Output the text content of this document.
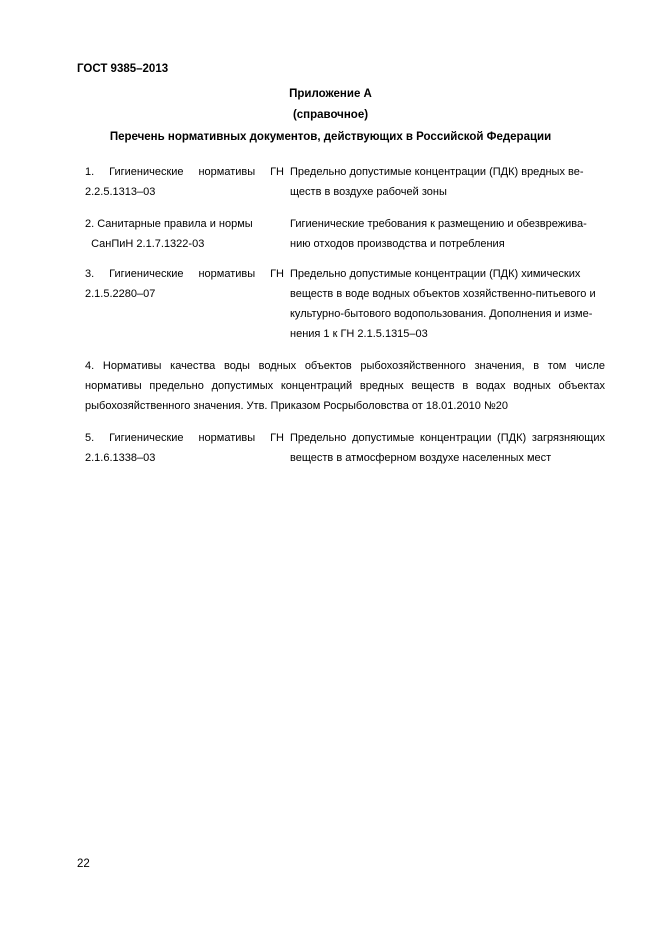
ГОСТ 9385–2013
Приложение А
(справочное)
Перечень нормативных документов, действующих в Российской Федерации
1. Гигиенические нормативы ГН
2.2.5.1313–03
Предельно допустимые концентрации (ПДК) вредных ве-
ществ в воздухе рабочей зоны
2. Санитарные правила и нормы
СанПиН 2.1.7.1322-03
Гигиенические требования к размещению и обезврежива-
нию отходов производства и потребления
3. Гигиенические нормативы ГН
2.1.5.2280–07
Предельно допустимые концентрации (ПДК) химических
веществ в воде водных объектов хозяйственно-питьевого и
культурно-бытового водопользования. Дополнения и изме-
нения 1 к ГН 2.1.5.1315–03
4. Нормативы качества воды водных объектов рыбохозяйственного значения, в том числе
нормативы предельно допустимых концентраций вредных веществ в водах водных объектах
рыбохозяйственного значения. Утв. Приказом Росрыболовства от 18.01.2010 №20
5. Гигиенические нормативы ГН
2.1.6.1338–03
Предельно допустимые концентрации (ПДК) загрязняющих
веществ в атмосферном воздухе населенных мест
22
